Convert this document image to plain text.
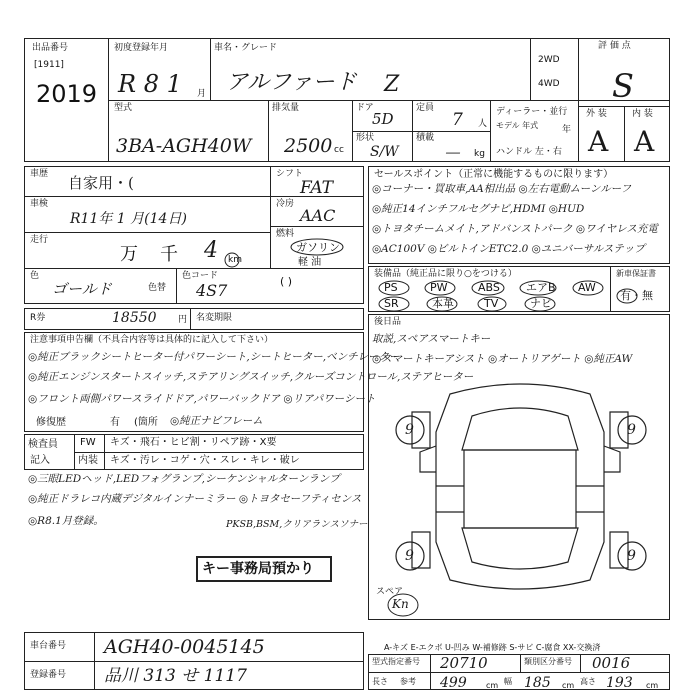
出品番号
[1911]
2019
初度登録年月
R 8 1 月
車名・グレード
アルファード Z
2WD
4WD
評 価 点
S
型式
3BA-AGH40W
排気量
2500 cc
ドア
5D
定員
7 人
形状
S/W
積載
― kg
ディーラー・並行
モデル 年式	年
ハンドル 左・右
外 装	内 装
A A
車歴 自家用・(	シフト
FAT
車検
R11年 1 月(14日)
冷房
AAC
走行
万 千 4 km
燃料
ガソリン
軽 油
( )
色
ゴールド	色替
色コード
4S7
R券	18550 円 名変期限
セールスポイント（正常に機能するものに限ります）
◎コーナー・買取車,AA相出品 ◎左右電動ムーンルーフ
◎純正14インチフルセグナビ,HDMI ◎HUD
◎トヨタチームメイト,アドバンストパーク ◎ワイヤレス充電
◎AC100V ◎ビルトインETC2.0 ◎ユニバーサルステップ
装備品（純正品に限り○をつける）	新車保証書
有・無
PS	PW	ABS エアB AW
SR	本革	TV	ナビ
注意事項申告欄（不具合内容等は具体的に記入して下さい）
◎純正ブラックシートヒーター付パワーシート,シートヒーター,ベンチレーター
◎純正エンジンスタートスイッチ,ステアリングスイッチ,クルーズコントロール,ステアヒーター
◎フロント両側パワースライドドア,パワーバックドア ◎リアパワーシート
修復歴	有 (箇所 ◎純正ナビフレーム
後日品
取説,スペアスマートキー
◎スマートキーアシスト ◎オートリアゲート ◎純正AW
9	9
9	9
Kn
スペア
検査員
記入
FW キズ・飛石・ヒビ割・リペア跡・X要
内装 キズ・汚レ・コゲ・穴・スレ・キレ・破レ
◎三眼LEDヘッド,LEDフォグランプ,シーケンシャルターンランプ
◎純正ドラレコ内蔵デジタルインナーミラー ◎トヨタセーフティセンス
◎R8.1月登録。	PKSB,BSM,クリアランスソナー
キー事務局預かり
車台番号 AGH40-0045145
登録番号 品川 313 せ 1117
A-キズ E-エクボ U-凹み W-補修跡 S-サビ C-腐食 XX-交換済
型式指定番号 20710	類別区分番号 0016
長さ 参考 499 cm 幅 185 cm 高さ 193 cm
